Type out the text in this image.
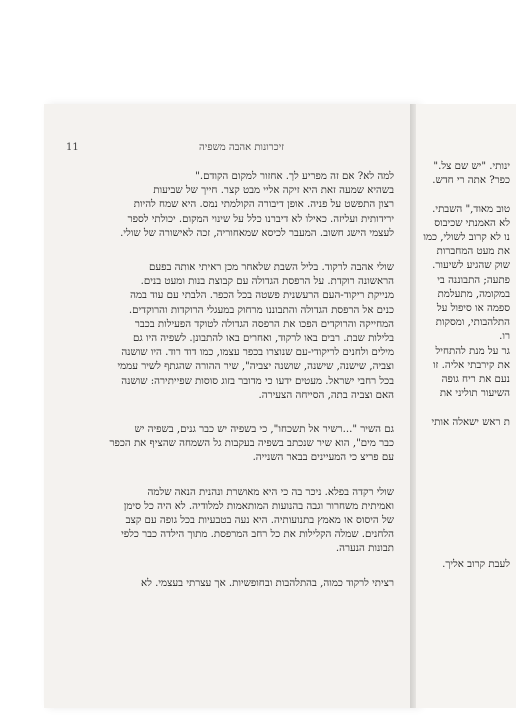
זיכרונות אהבה משפיה
11

למה לא? אם זה מפריע לך. אחזור למקום הקודם."

בשהיא שמעה זאת היא זיקה אליי מבט קצר. חייך של שביעות

רצון התפשט על פניה. אופן דיבורה הקולמתי נמס. היא שמח להיות

ירידותית ועליזה. כאילו לא דיברנו כלל על שינוי המקום. יכולתי לספר

לעצמי הישג חשוב. המעבר לכיסא שמאחוריה, זכה לאישורה של שולי.

שולי אהבה לרקוד. בליל השבת שלאחר מכן ראיתי אותה בפעם

הראשונה רוקדת. על הרפסת הגדולה עם קבוצת בנות ומעט בנים.

מנייקת ריקוד-העם הרעשנית פשטה בכל הכפר. הלבתי עם עוד במה

כנים אל הרפסת הגדולה והתבוננו מרחוק במעגלי הרוקדות והרוקדים.

המחייקה והרוקדים הפכו את הרפסה הגדולה לטוקד הפעילות בכבר

בלילות שבת. רבים באו לרקוד, ואחרים באו להתבונן. לשפיה היו גם

מילים ולחנים לריקודי-עם שנוצרו בכפר עצמו, כמו דוד רוד. היו שושנה

וצביה, שישנה, שישנה, שושנה יצביה", שיר ההורה שהגתף לשיר עממי

בכל רחבי ישראל. מעטים ידעו כי מדובר בזוג סוסות שפייתירה: שושנה

האם וצביה בתה, הסייחה הצעירה.

גם השיר "...רשיר אל תשכחו", כי בשפיה יש כבר גנים, בשפיה יש

כבר מים", הוא שיר שנכתב בשפיה בעקבות גל השמחה שהציף את הכפר

עם פריצ כי המעיינים בבאר השנייה.

שולי רקדה בפלא. ניכר בה כי היא מאושרת ונהנית הנאה שלמה

ואמיתית משחרור וגבה בהנועות המותאמות למלודיה. לא היה כל סימן

של היסוס או מאמץ בתנועותיה. היא נעה בטבעיות בכל גופה עם קצב

הלחנים. שמלה הקלילות את כל רחב המרפסת. מתוך הילדה כבר כלפי

תבונות הנערה.

רציתי לרקוד כמוה, בהתלהבות ובחופשיות. אך עצרתי בעצמי. לא

ינותי. "יש שם צל."

כפר? אתה רי חדש.

טוב מאוד," השבתי.

לא האמנתי שכיבוס

נו לא קרוב לשולי, כמו

את מעט המחברות

שוק שהגיע לשיעור.

פתעה; התבוננה בי

במקומה, מתעלמת

ספמה או סיפול על

התלהבותי, ומסקות

רו.

גר על מנת להתחיל

את קירבתי אליה. זו

נעם את ריח גופה

השיעור תוליני את

ת ראש ישאלה אותי

לעבת קרוב אליך.
